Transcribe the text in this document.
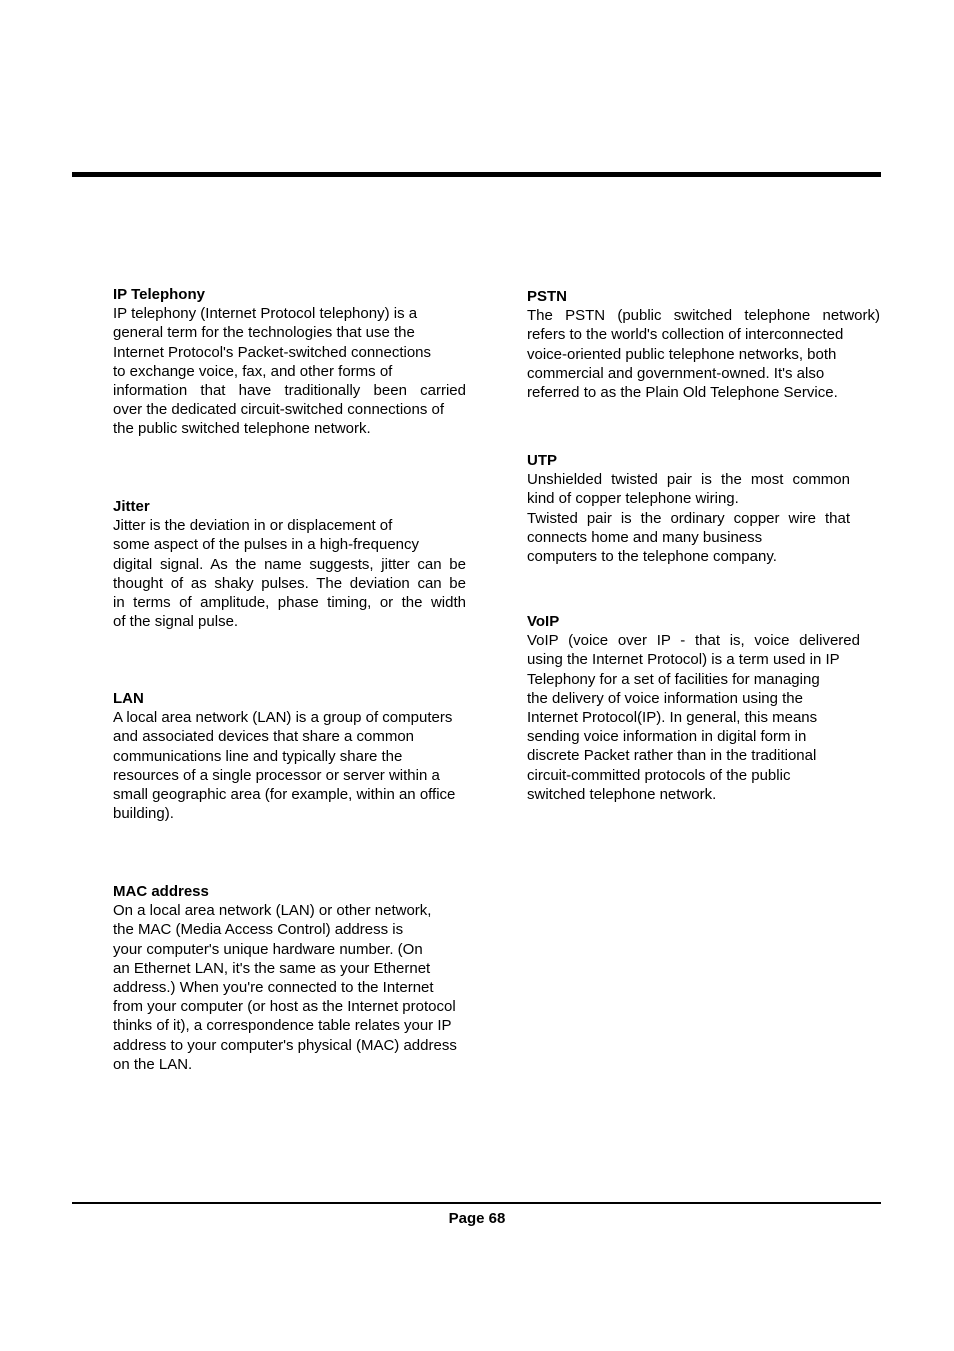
IP Telephony
IP telephony (Internet Protocol telephony) is a
general term for the technologies that use the
Internet Protocol's Packet-switched connections
to exchange voice, fax, and other forms of
information that have traditionally been carried
over the dedicated circuit-switched connections of
the public switched telephone network.
Jitter
Jitter is the deviation in or displacement of
some aspect of the pulses in a high-frequency
digital signal. As the name suggests, jitter can be
thought of as shaky pulses. The deviation can be
in terms of amplitude, phase timing, or the width
of the signal pulse.
LAN
A local area network (LAN) is a group of computers
and associated devices that share a common
communications line and typically share the
resources of a single processor or server within a
small geographic area (for example, within an office
building).
MAC address
On a local area network (LAN) or other network,
the MAC (Media Access Control) address is
your computer's unique hardware number. (On
an Ethernet LAN, it's the same as your Ethernet
address.) When you're connected to the Internet
from your computer (or host as the Internet protocol
thinks of it), a correspondence table relates your IP
address to your computer's physical (MAC) address
on the LAN.
PSTN
The PSTN (public switched telephone network)
refers to the world's collection of interconnected
voice-oriented public telephone networks, both
commercial and government-owned. It's also
referred to as the Plain Old Telephone Service.
UTP
Unshielded twisted pair is the most common
kind of copper telephone wiring.
Twisted pair is the ordinary copper wire that
connects home and many business
computers to the telephone company.
VoIP
VoIP (voice over IP - that is, voice delivered
using the Internet Protocol) is a term used in IP
Telephony for a set of facilities for managing
the delivery of voice information using the
Internet Protocol(IP). In general, this means
sending voice information in digital form in
discrete Packet rather than in the traditional
circuit-committed protocols of the public
switched telephone network.
Page 68
